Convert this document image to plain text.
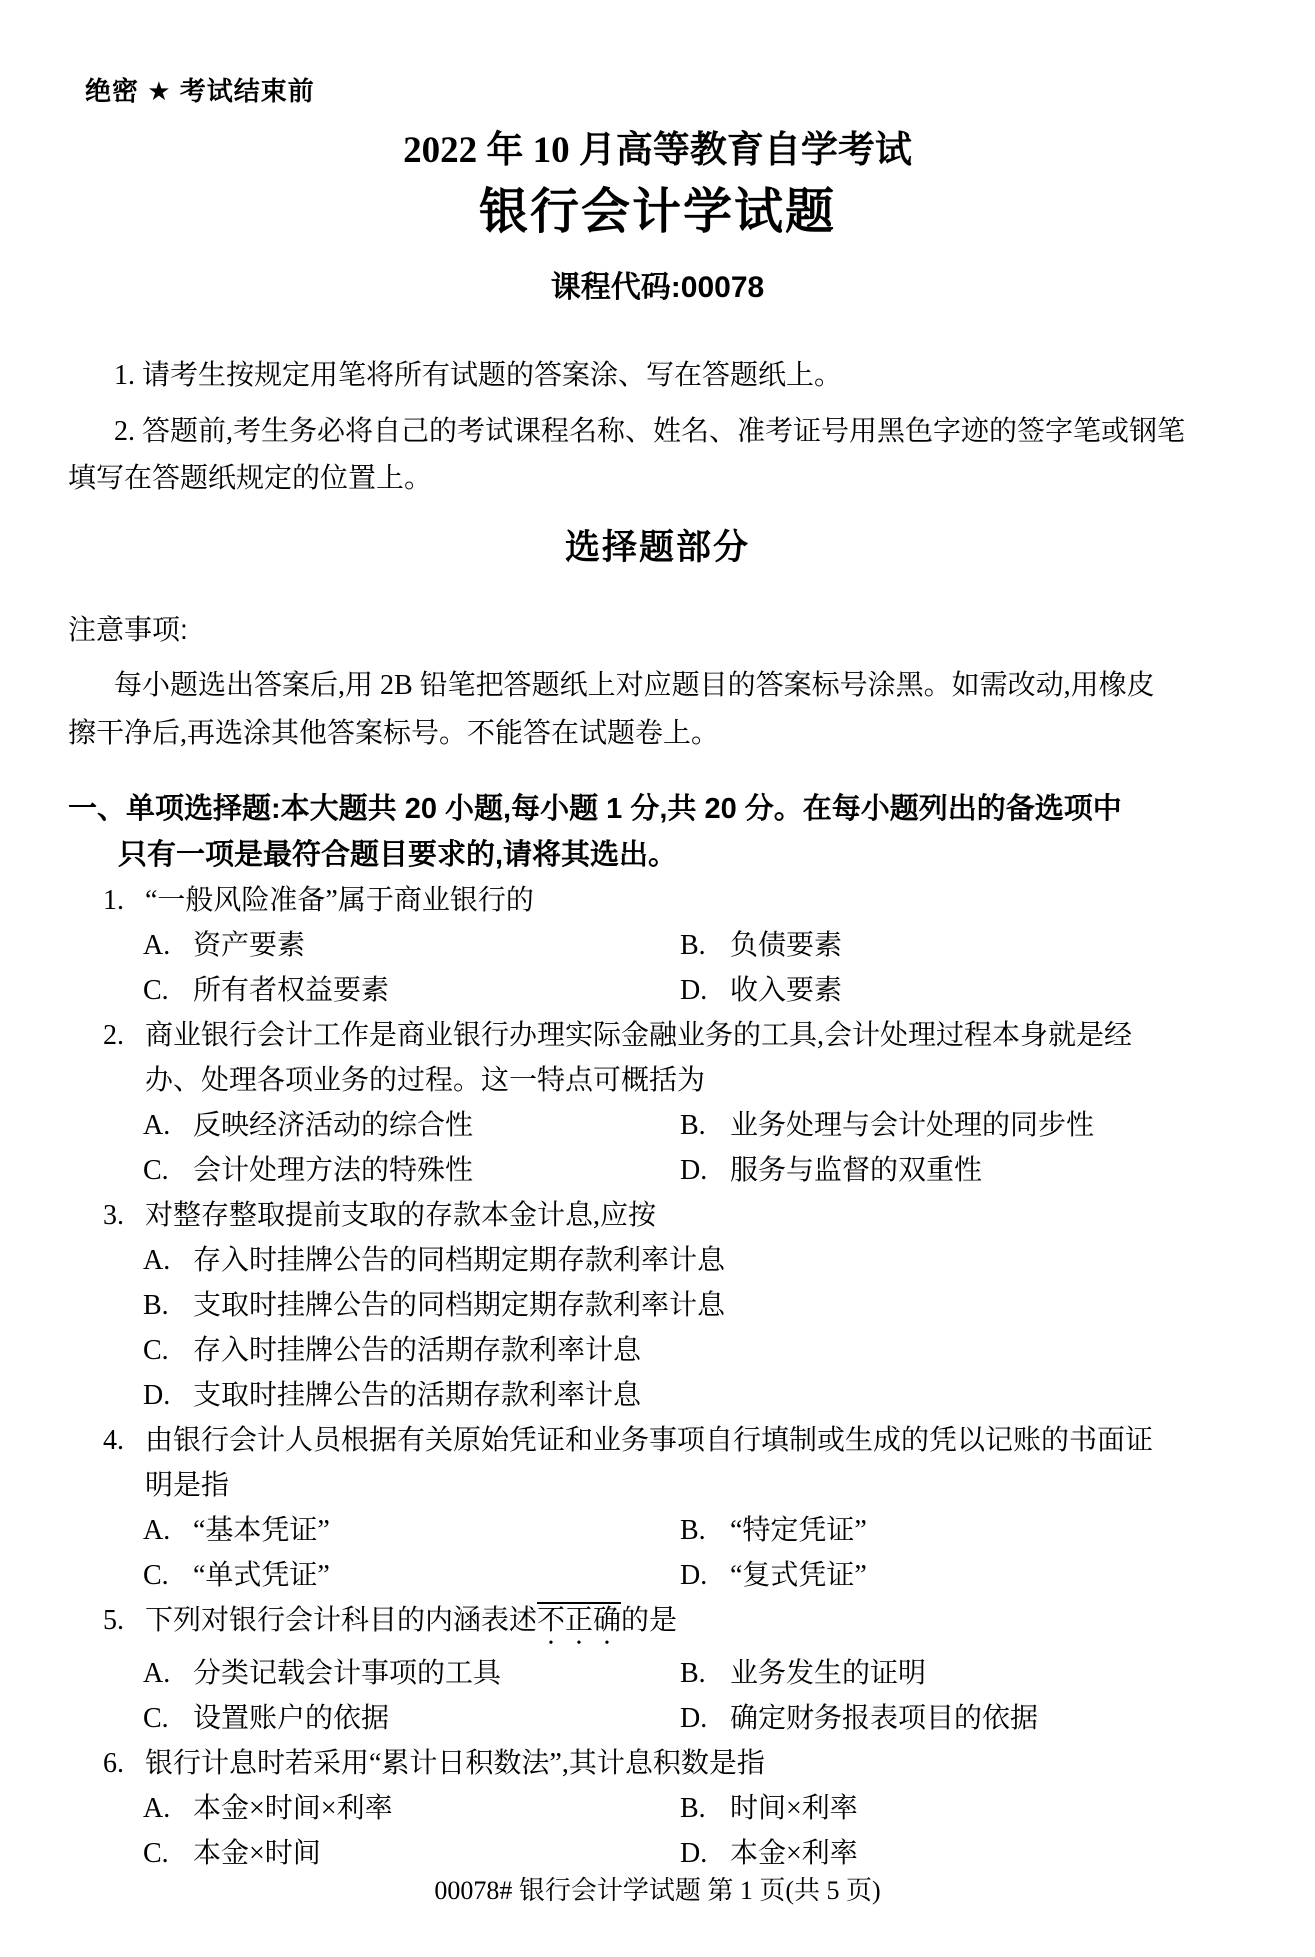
绝密 ★ 考试结束前
2022 年 10 月高等教育自学考试
银行会计学试题
课程代码:00078

1. 请考生按规定用笔将所有试题的答案涂、写在答题纸上。

2. 答题前,考生务必将自己的考试课程名称、姓名、准考证号用黑色字迹的签字笔或钢笔
填写在答题纸规定的位置上。

选择题部分
注意事项:
每小题选出答案后,用 2B 铅笔把答题纸上对应题目的答案标号涂黑。如需改动,用橡皮
擦干净后,再选涂其他答案标号。不能答在试题卷上。
一、单项选择题:本大题共 20 小题,每小题 1 分,共 20 分。在每小题列出的备选项中
只有一项是最符合题目要求的,请将其选出。
1. “一般风险准备”属于商业银行的
A. 资产要素	B. 负债要素
C. 所有者权益要素	D. 收入要素
2. 商业银行会计工作是商业银行办理实际金融业务的工具,会计处理过程本身就是经
办、处理各项业务的过程。这一特点可概括为
A. 反映经济活动的综合性	B. 业务处理与会计处理的同步性
C. 会计处理方法的特殊性	D. 服务与监督的双重性
3. 对整存整取提前支取的存款本金计息,应按
A. 存入时挂牌公告的同档期定期存款利率计息
B. 支取时挂牌公告的同档期定期存款利率计息
C. 存入时挂牌公告的活期存款利率计息
D. 支取时挂牌公告的活期存款利率计息
4. 由银行会计人员根据有关原始凭证和业务事项自行填制或生成的凭以记账的书面证
明是指
A. “基本凭证”	B. “特定凭证”
C. “单式凭证”	D. “复式凭证”
5. 下列对银行会计科目的内涵表述不正确的是
A. 分类记载会计事项的工具	B. 业务发生的证明
C. 设置账户的依据	D. 确定财务报表项目的依据
6. 银行计息时若采用“累计日积数法”,其计息积数是指
A. 本金×时间×利率	B. 时间×利率
C. 本金×时间	D. 本金×利率
00078# 银行会计学试题 第 1 页(共 5 页)
